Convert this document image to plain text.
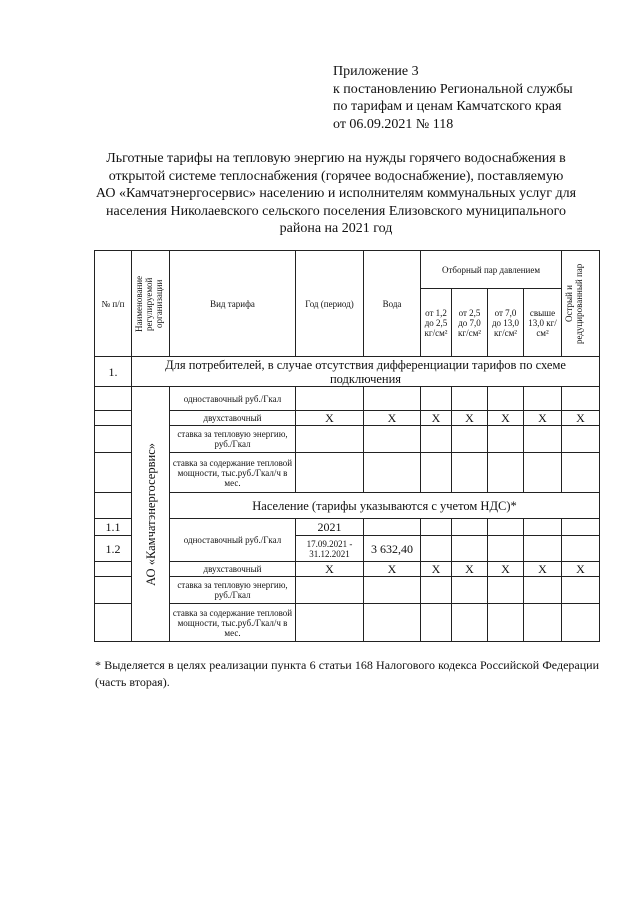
Приложение 3
к постановлению Региональной службы
по тарифам и ценам Камчатского края
от 06.09.2021 № 118
Льготные тарифы на тепловую энергию на нужды горячего водоснабжения в
открытой системе теплоснабжения (горячее водоснабжение), поставляемую
АО «Камчатэнергосервис» населению и исполнителям коммунальных услуг для
населения Николаевского сельского поселения Елизовского муниципального
района на 2021 год
№ п/п	Наименование регулируемой организации	Вид тарифа	Год (период)	Вода	Отборный пар давлением				Острый и редуцированный пар

					от 1,2 до 2,5 кг/см²	от 2,5 до 7,0 кг/см²	от 7,0 до 13,0 кг/см²	свыше 13,0 кг/см²	
1.	Для потребителей, в случае отсутствия дифференциации тарифов по схеме подключения								

	АО «Камчатэнергосервис»	одноставочный руб./Гкал							
		двухставочный	Х	Х	Х	Х	Х	Х	Х
		ставка за тепловую энергию, руб./Гкал							
		ставка за содержание тепловой мощности, тыс.руб./Гкал/ч в мес.							
		Население (тарифы указываются с учетом НДС)*							
1.1		одноставочный руб./Гкал	2021						
1.2			17.09.2021 - 31.12.2021	3 632,40					
		двухставочный	Х	Х	Х	Х	Х	Х	Х
		ставка за тепловую энергию, руб./Гкал							
		ставка за содержание тепловой мощности, тыс.руб./Гкал/ч в мес.							
* Выделяется в целях реализации пункта 6 статьи 168 Налогового кодекса Российской Федерации (часть вторая).
